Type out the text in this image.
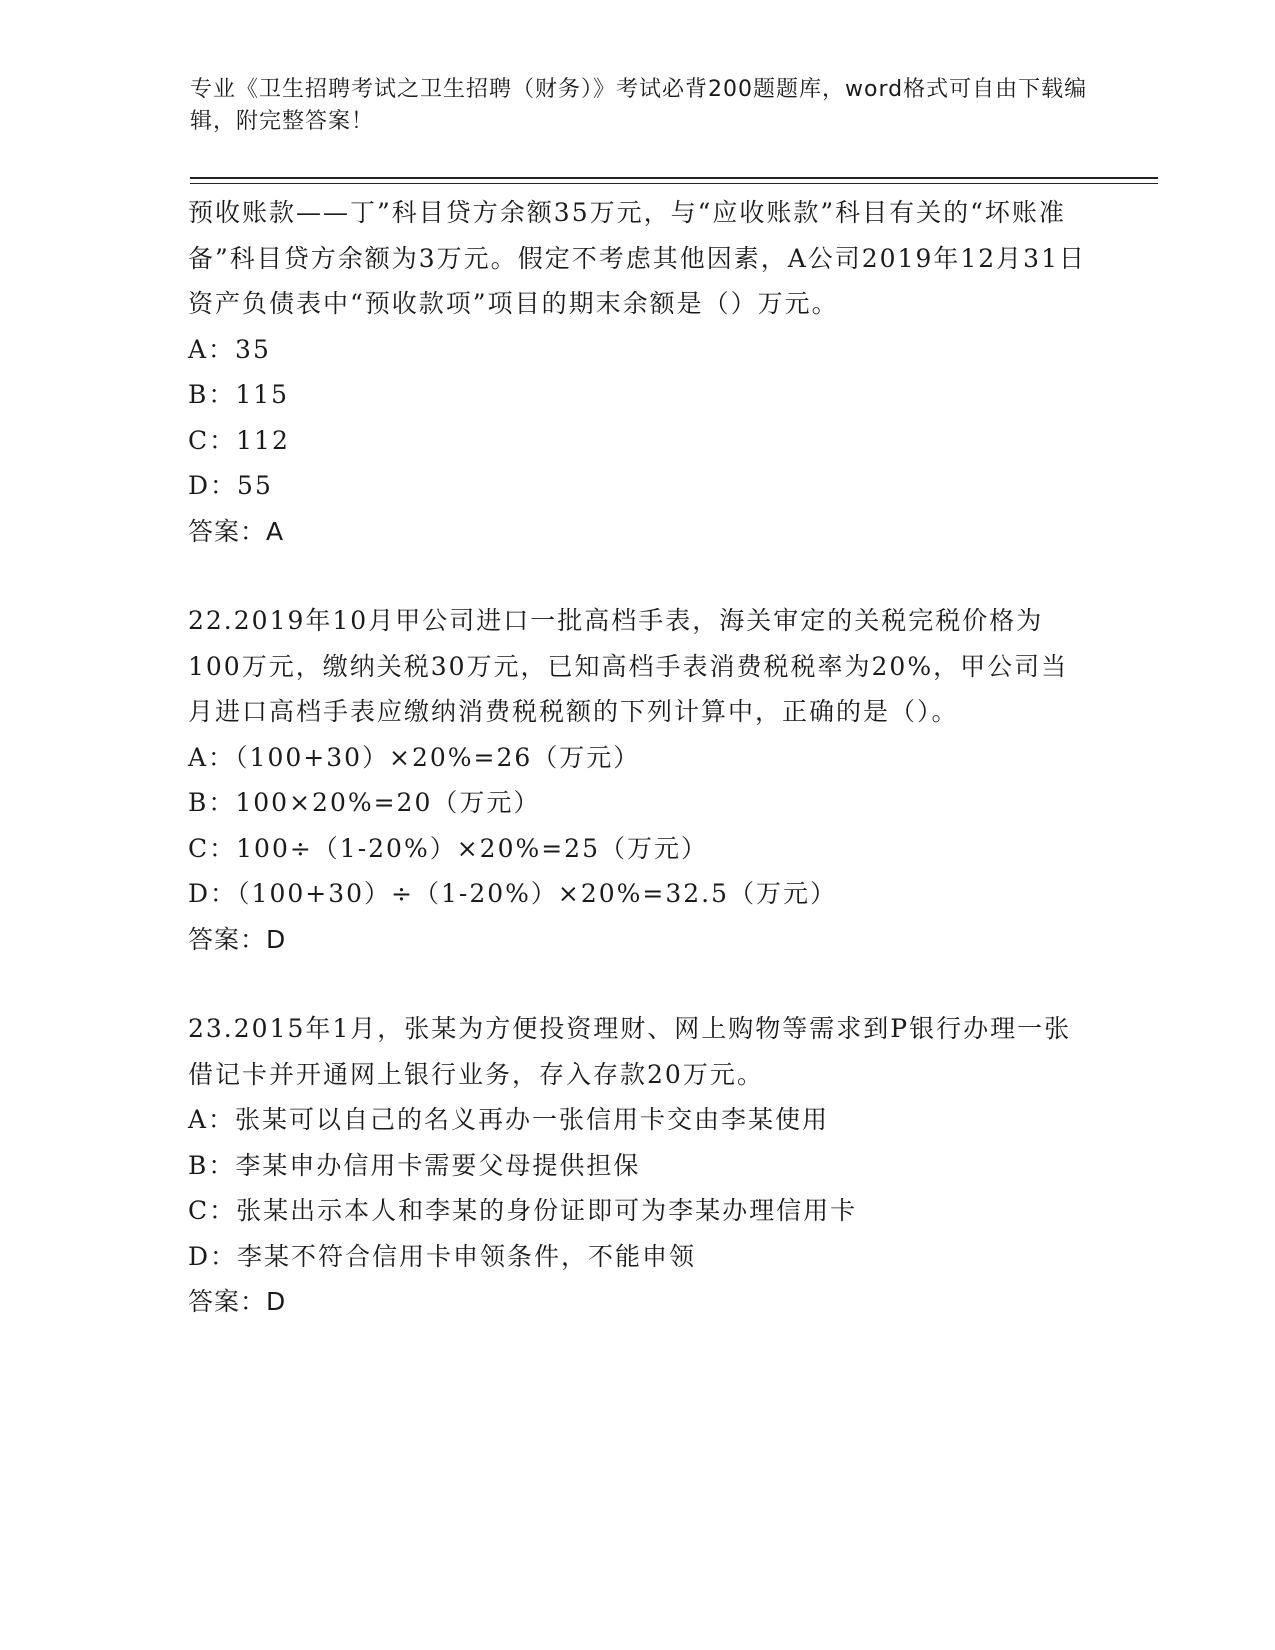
专业《卫生招聘考试之卫生招聘（财务）》考试必背200题题库，word格式可自由下载编辑，附完整答案！

预收账款——丁”科目贷方余额35万元，与“应收账款”科目有关的“坏账准备”科目贷方余额为3万元。假定不考虑其他因素，A公司2019年12月31日资产负债表中“预收款项”项目的期末余额是（）万元。

A：35

B：115

C：112

D：55

答案：A

22.2019年10月甲公司进口一批高档手表，海关审定的关税完税价格为100万元，缴纳关税30万元，已知高档手表消费税税率为20%，甲公司当月进口高档手表应缴纳消费税税额的下列计算中，正确的是（）。

A：（100+30）×20%=26（万元）

B：100×20%=20（万元）

C：100÷（1-20%）×20%=25（万元）

D：（100+30）÷（1-20%）×20%=32.5（万元）

答案：D

23.2015年1月，张某为方便投资理财、网上购物等需求到P银行办理一张借记卡并开通网上银行业务，存入存款20万元。

A：张某可以自己的名义再办一张信用卡交由李某使用

B：李某申办信用卡需要父母提供担保

C：张某出示本人和李某的身份证即可为李某办理信用卡

D：李某不符合信用卡申领条件，不能申领

答案：D
